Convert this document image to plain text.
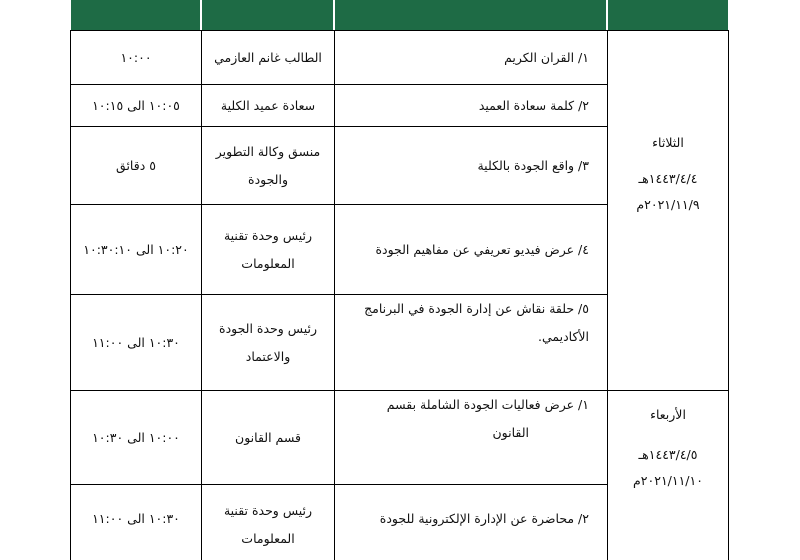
الثلاثاء
١٤٤٣/٤/٤هـ
٢٠٢١/١١/٩م
الأربعاء
١٤٤٣/٤/٥هـ
٢٠٢١/١١/١٠م
١/ القران الكريم
الطالب غانم العازمي
١٠:٠٠
٢/ كلمة سعادة العميد
سعادة عميد الكلية
١٠:٠٥ الى ١٠:١٥
٣/ واقع الجودة بالكلية
منسق وكالة التطوير
والجودة
٥ دقائق
٤/ عرض فيديو تعريفي عن مفاهيم الجودة
رئيس وحدة تقنية
المعلومات
١٠:٢٠ الى ١٠:٣٠:١٠
٥/ حلقة نقاش عن إدارة الجودة في البرنامج
الأكاديمي.
رئيس وحدة الجودة
والاعتماد
١٠:٣٠ الى ١١:٠٠
١/ عرض فعاليات الجودة الشاملة بقسم
القانون
قسم القانون
١٠:٠٠ الى ١٠:٣٠
٢/ محاضرة عن الإدارة الإلكترونية للجودة
رئيس وحدة تقنية
المعلومات
١٠:٣٠ الى ١١:٠٠
